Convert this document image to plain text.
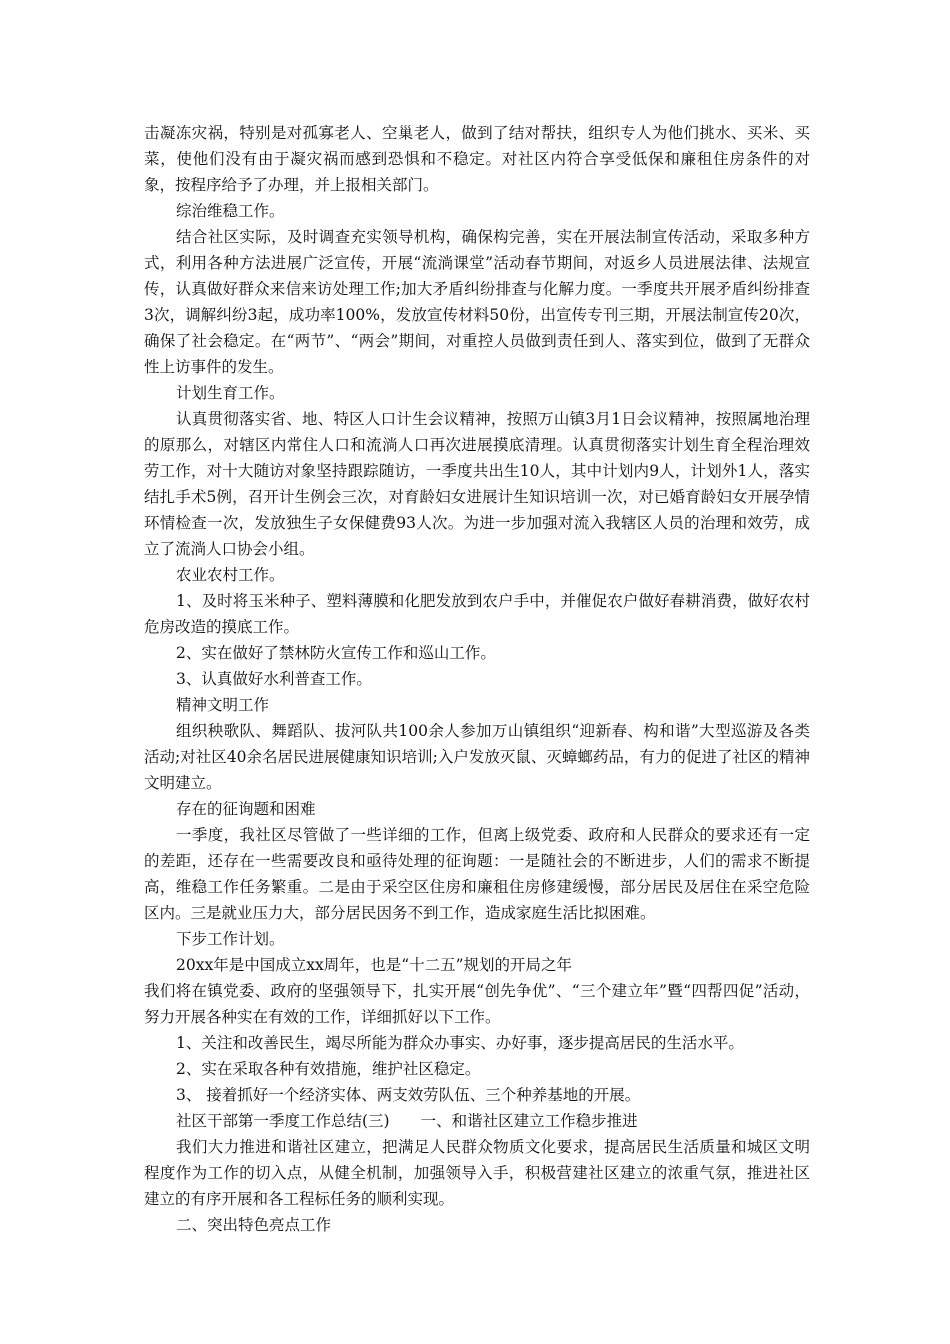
击凝冻灾祸，特别是对孤寡老人、空巢老人，做到了结对帮扶，组织专人为他们挑水、买米、买菜，使他们没有由于凝灾祸而感到恐惧和不稳定。对社区内符合享受低保和廉租住房条件的对象，按程序给予了办理，并上报相关部门。

综治维稳工作。

结合社区实际，及时调查充实领导机构，确保构完善，实在开展法制宣传活动，采取多种方式，利用各种方法进展广泛宣传，开展“流淌课堂”活动春节期间，对返乡人员进展法律、法规宣传，认真做好群众来信来访处理工作;加大矛盾纠纷排查与化解力度。一季度共开展矛盾纠纷排查3次，调解纠纷3起，成功率100%，发放宣传材料50份，出宣传专刊三期，开展法制宣传20次，确保了社会稳定。在“两节”、“两会”期间，对重控人员做到责任到人、落实到位，做到了无群众性上访事件的发生。

计划生育工作。

认真贯彻落实省、地、特区人口计生会议精神，按照万山镇3月1日会议精神，按照属地治理的原那么，对辖区内常住人口和流淌人口再次进展摸底清理。认真贯彻落实计划生育全程治理效劳工作，对十大随访对象坚持跟踪随访，一季度共出生10人，其中计划内9人，计划外1人，落实结扎手术5例，召开计生例会三次，对育龄妇女进展计生知识培训一次，对已婚育龄妇女开展孕情环情检查一次，发放独生子女保健费93人次。为进一步加强对流入我辖区人员的治理和效劳，成立了流淌人口协会小组。

农业农村工作。

1、及时将玉米种子、塑料薄膜和化肥发放到农户手中，并催促农户做好春耕消费，做好农村危房改造的摸底工作。

2、实在做好了禁林防火宣传工作和巡山工作。

3、认真做好水利普查工作。

精神文明工作

组织秧歌队、舞蹈队、拔河队共100余人参加万山镇组织“迎新春、构和谐”大型巡游及各类活动;对社区40余名居民进展健康知识培训;入户发放灭鼠、灭蟑螂药品，有力的促进了社区的精神文明建立。

存在的征询题和困难

一季度，我社区尽管做了一些详细的工作，但离上级党委、政府和人民群众的要求还有一定的差距，还存在一些需要改良和亟待处理的征询题：一是随社会的不断进步，人们的需求不断提高，维稳工作任务繁重。二是由于采空区住房和廉租住房修建缓慢，部分居民及居住在采空危险区内。三是就业压力大，部分居民因务不到工作，造成家庭生活比拟困难。

下步工作计划。

20xx年是中国成立xx周年，也是“十二五”规划的开局之年

我们将在镇党委、政府的坚强领导下，扎实开展“创先争优”、“三个建立年”暨“四帮四促”活动，努力开展各种实在有效的工作，详细抓好以下工作。

1、关注和改善民生，竭尽所能为群众办事实、办好事，逐步提高居民的生活水平。

2、实在采取各种有效措施，维护社区稳定。

3、 接着抓好一个经济实体、两支效劳队伍、三个种养基地的开展。

社区干部第一季度工作总结(三)　　一、和谐社区建立工作稳步推进

我们大力推进和谐社区建立，把满足人民群众物质文化要求，提高居民生活质量和城区文明程度作为工作的切入点，从健全机制，加强领导入手，积极营建社区建立的浓重气氛，推进社区建立的有序开展和各工程标任务的顺利实现。

二、突出特色亮点工作
